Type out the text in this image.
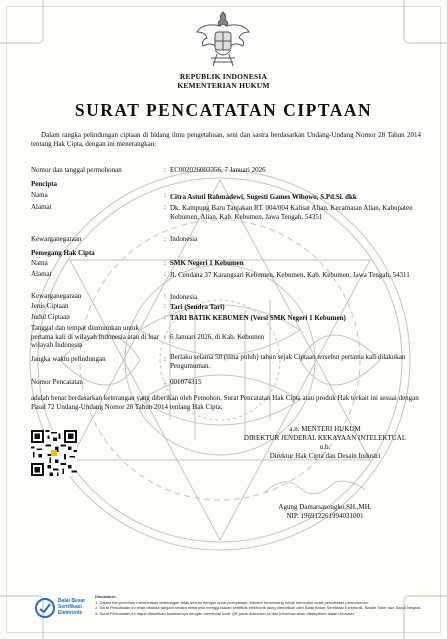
REPUBLIK INDONESIA
KEMENTERIAN HUKUM
SURAT PENCATATAN CIPTAAN
Dalam rangka pelindungan ciptaan di bidang ilmu pengetahuan, seni dan sastra berdasarkan Undang-Undang Nomor 28 Tahun 2014 tentang Hak Cipta, dengan ini menerangkan:
Nomor dan tanggal permohonan	: EC002026003356, 7 Januari 2026
Pencipta
Nama	: Citra Astuti Rahmadewi, Sugesti Games Wibowo, S.Pd.Si. dkk
Alamat	: Dk. Kampung Baru Tanjakan RT. 004/004 Kalisat Alian, Kecamatan Alian, Kabupaten Kebumen, Alian, Kab. Kebumen, Jawa Tengah, 54351
Kewarganegaraan	: Indonesia
Pemegang Hak Cipta
Nama	: SMK Negeri 1 Kebumen
Alamat	: Jl. Cendana 37 Karangsari Kebumen, Kebumen, Kab. Kebumen, Jawa Tengah, 54311
Kewarganegaraan	: Indonesia
Jenis Ciptaan	: Tari (Sendra Tari)
Judul Ciptaan	: TARI BATIK KEBUMEN (Versi SMK Negeri 1 Kebumen)
Tanggal dan tempat diumumkan untuk pertama kali di wilayah Indonesia atau di luar wilayah Indonesia
: 6 Januari 2026, di Kab. Kebumen
Jangka waktu pelindungan	: Berlaku selama 50 (lima puluh) tahun sejak Ciptaan tersebut pertama kali dilakukan Pengumuman.
Nomor Pencatatan	: 001074315
adalah benar berdasarkan keterangan yang diberikan oleh Pemohon. Surat Pencatatan Hak Cipta atau produk Hak terkait ini sesuai dengan Pasal 72 Undang-Undang Nomor 28 Tahun 2014 tentang Hak Cipta.
a.n. MENTERI HUKUM
DIREKTUR JENDERAL KEKAYAAN INTELEKTUAL
u.b.
Direktur Hak Cipta dan Desain Industri
Agung Damarsasongko,SH.,MH.
NIP. 196912261994031001
Balai Besar
Sertifikasi
Elektronik
Disclaimer:
1. Dalam hal pemohon memberikan keterangan tidak sesuai dengan surat pernyataan, Menteri berwenang untuk mencabut surat pencatatan permohonan.
2. Surat Pencatatan ini telah ditanda tangani secara elektronik menggunakan sertifikat elektronik yang diterbitkan oleh Balai Besar Sertifikasi Elektronik, Badan Siber dan Sandi Negara.
3. Surat Pencatatan ini dapat dibuktikan keasliannya dengan memindai kode QR pada dokumen ini dan informasi akan ditampilkan dalam browser.
